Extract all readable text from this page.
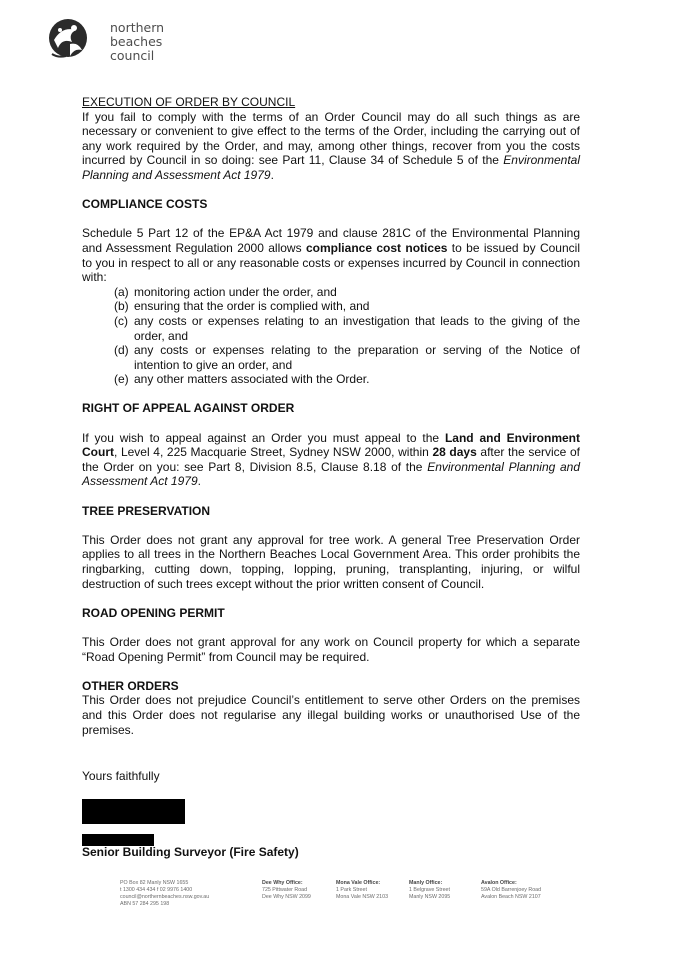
northern
beaches
council

EXECUTION OF ORDER BY COUNCIL

If you fail to comply with the terms of an Order Council may do all such things as are necessary or convenient to give effect to the terms of the Order, including the carrying out of any work required by the Order, and may, among other things, recover from you the costs incurred by Council in so doing: see Part 11, Clause 34 of Schedule 5 of the Environmental Planning and Assessment Act 1979.

COMPLIANCE COSTS

Schedule 5 Part 12 of the EP&A Act 1979 and clause 281C of the Environmental Planning and Assessment Regulation 2000 allows compliance cost notices to be issued by Council to you in respect to all or any reasonable costs or expenses incurred by Council in connection with:

(a) monitoring action under the order, and
(b) ensuring that the order is complied with, and
(c) any costs or expenses relating to an investigation that leads to the giving of the order, and
(d) any costs or expenses relating to the preparation or serving of the Notice of intention to give an order, and
(e) any other matters associated with the Order.

RIGHT OF APPEAL AGAINST ORDER

If you wish to appeal against an Order you must appeal to the Land and Environment Court, Level 4, 225 Macquarie Street, Sydney NSW 2000, within 28 days after the service of the Order on you: see Part 8, Division 8.5, Clause 8.18 of the Environmental Planning and Assessment Act 1979.

TREE PRESERVATION

This Order does not grant any approval for tree work. A general Tree Preservation Order applies to all trees in the Northern Beaches Local Government Area. This order prohibits the ringbarking, cutting down, topping, lopping, pruning, transplanting, injuring, or wilful destruction of such trees except without the prior written consent of Council.

ROAD OPENING PERMIT

This Order does not grant approval for any work on Council property for which a separate “Road Opening Permit” from Council may be required.

OTHER ORDERS

This Order does not prejudice Council’s entitlement to serve other Orders on the premises and this Order does not regularise any illegal building works or unauthorised Use of the premises.

Yours faithfully
Senior Building Surveyor (Fire Safety)
PO Box 82 Manly NSW 1655
t 1300 434 434 f 02 9976 1400
council@northernbeaches.nsw.gov.au
ABN 57 284 295 198
Dee Why Office:
725 Pittwater Road
Dee Why NSW 2099
Mona Vale Office:
1 Park Street
Mona Vale NSW 2103
Manly Office:
1 Belgrave Street
Manly NSW 2095
Avalon Office:
59A Old Barrenjoey Road
Avalon Beach NSW 2107
